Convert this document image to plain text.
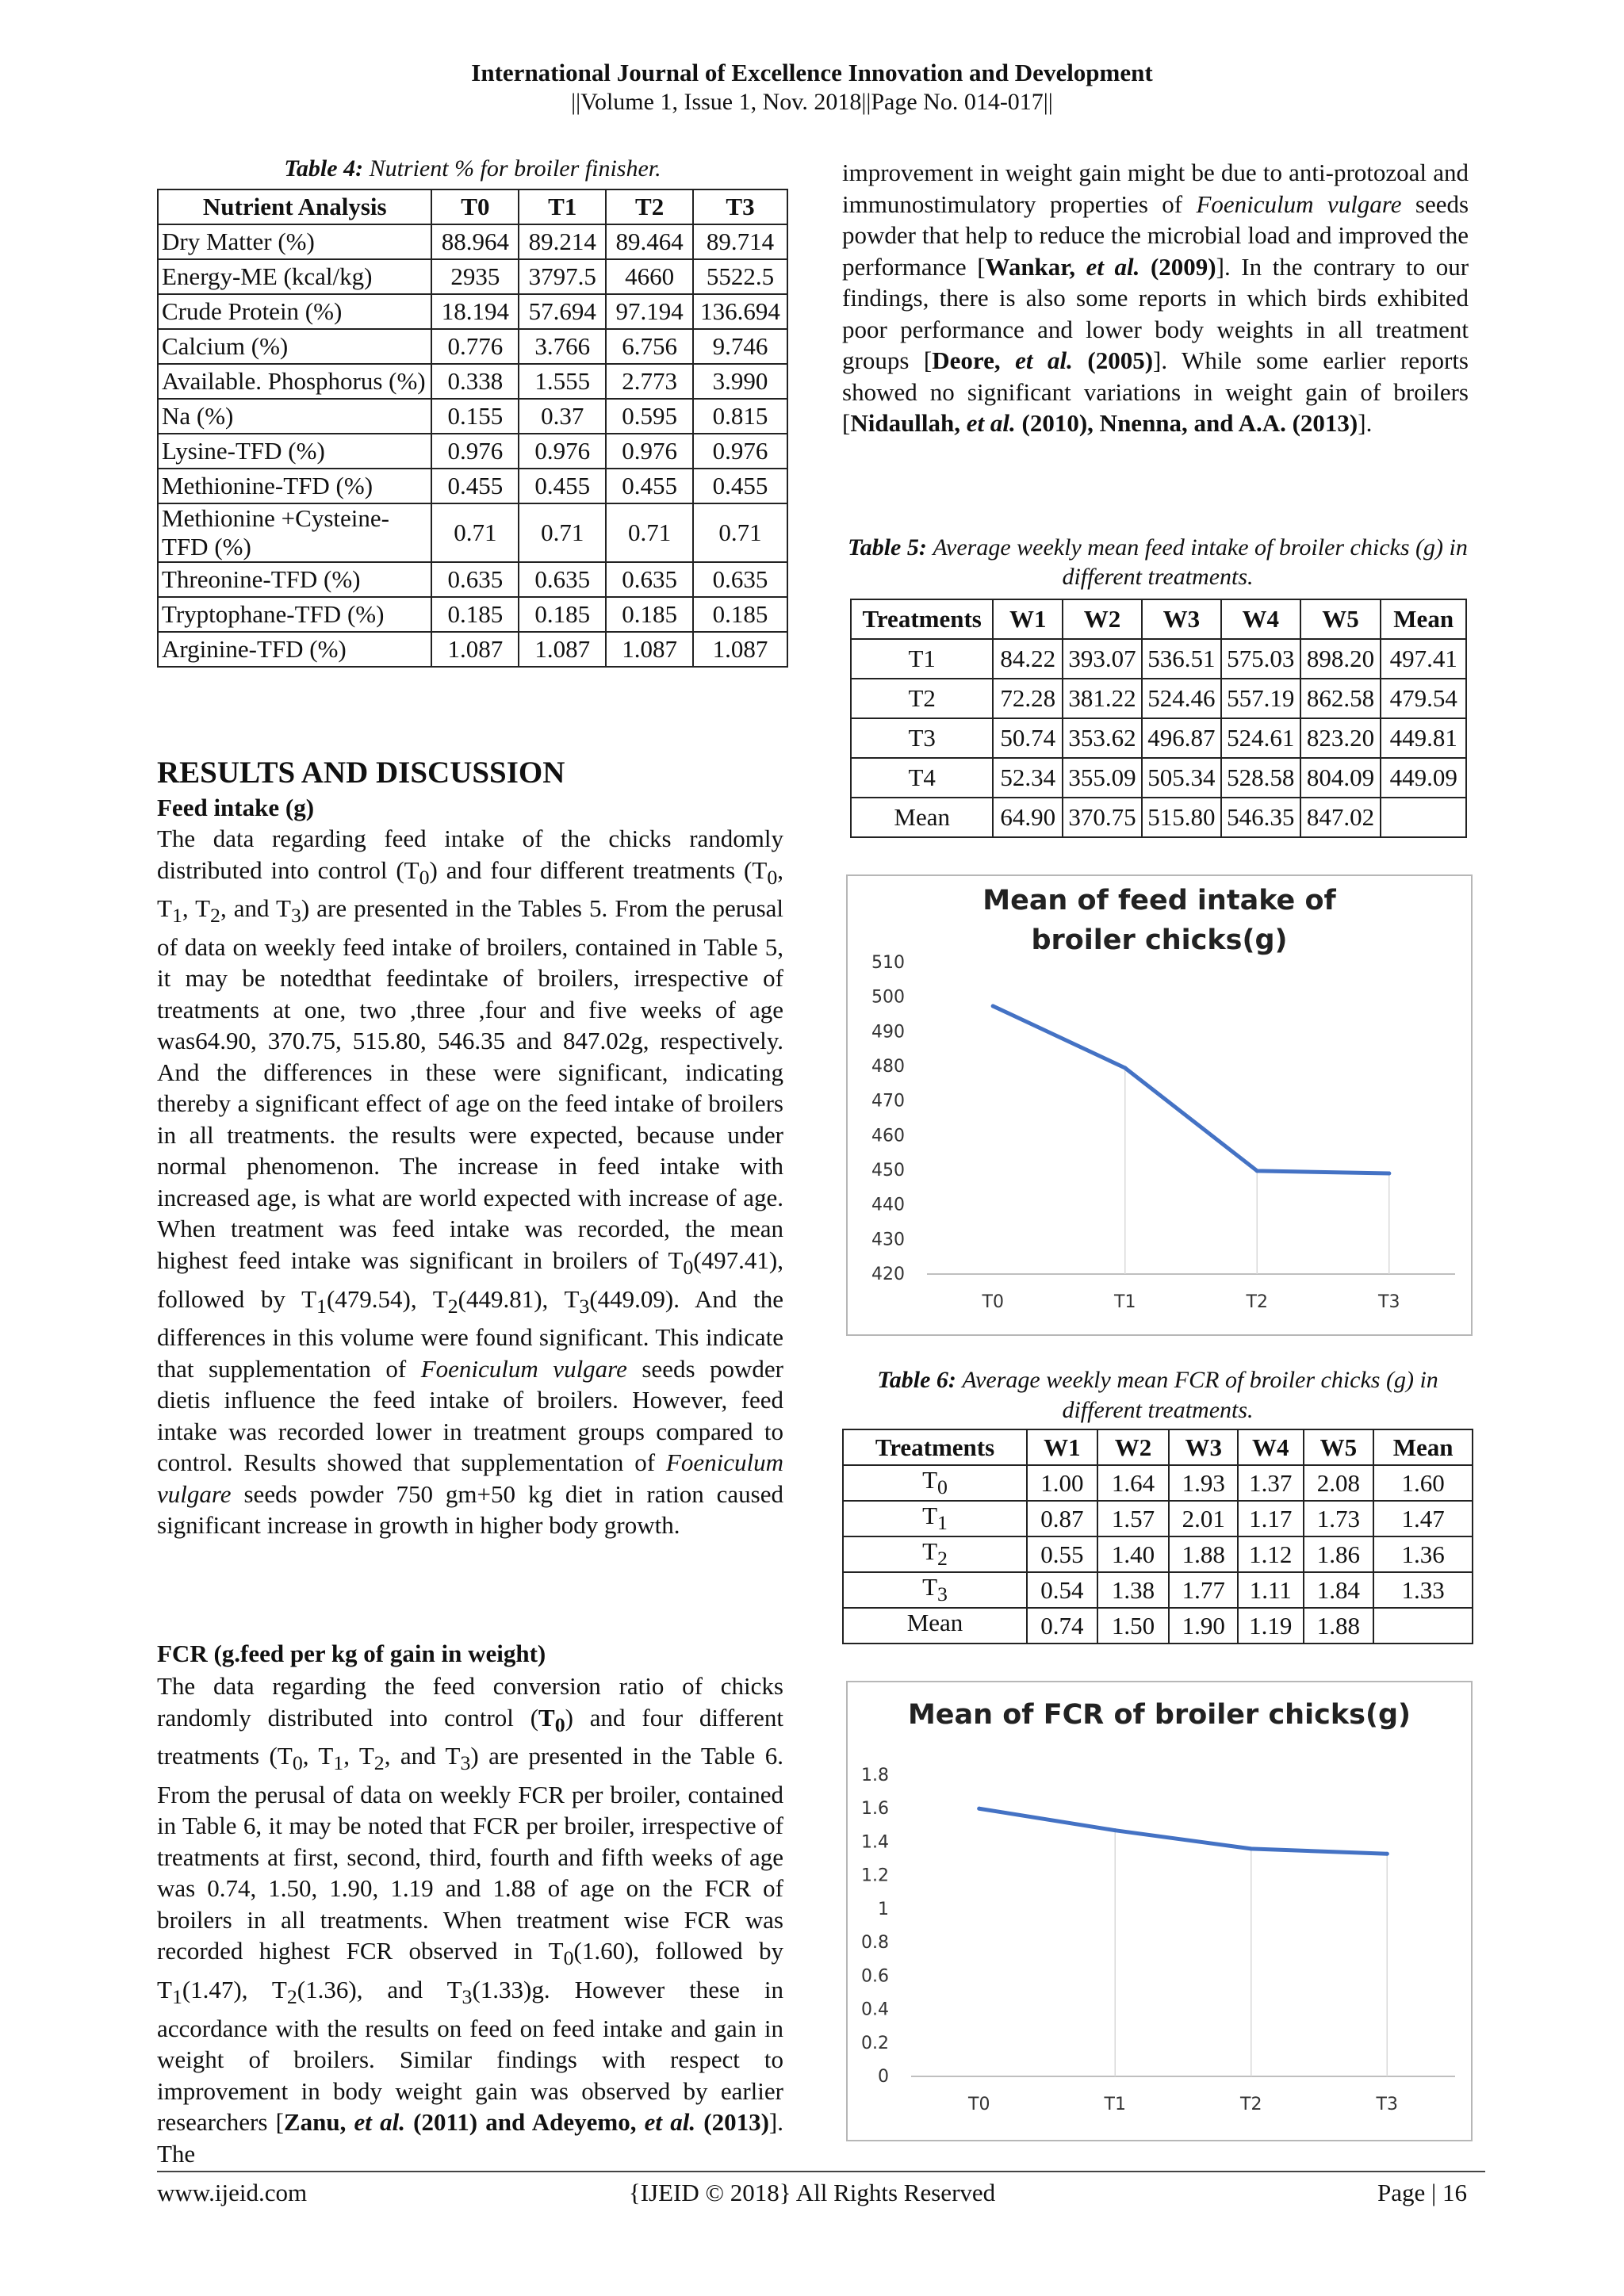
International Journal of Excellence Innovation and Development
||Volume 1, Issue 1, Nov. 2018||Page No. 014-017||
Table 4: Nutrient % for broiler finisher.
Nutrient Analysis	T0	T1	T2	T3
Dry Matter (%)	88.964	89.214	89.464	89.714
Energy-ME (kcal/kg)	2935	3797.5	4660	5522.5
Crude Protein (%)	18.194	57.694	97.194	136.694
Calcium (%)	0.776	3.766	6.756	9.746
Available. Phosphorus (%)	0.338	1.555	2.773	3.990
Na (%)	0.155	0.37	0.595	0.815
Lysine-TFD (%)	0.976	0.976	0.976	0.976
Methionine-TFD (%)	0.455	0.455	0.455	0.455
Methionine +Cysteine-TFD (%)	0.71	0.71	0.71	0.71
Threonine-TFD (%)	0.635	0.635	0.635	0.635
Tryptophane-TFD (%)	0.185	0.185	0.185	0.185
Arginine-TFD (%)	1.087	1.087	1.087	1.087
RESULTS AND DISCUSSION
Feed intake (g)
The data regarding feed intake of the chicks randomly distributed into control $(T_0)$ and four different treatments ($T_0$, $T_1$, $T_2$, and $T_3$) are presented in the Tables 5. From the perusal of data on weekly feed intake of broilers, contained in Table 5, it may be notedthat feedintake of broilers, irrespective of treatments at one, two ,three ,four and five weeks of age was64.90, 370.75, 515.80, 546.35 and 847.02g, respectively. And the differences in these were significant, indicating thereby a significant effect of age on the feed intake of broilers in all treatments. the results were expected, because under normal phenomenon. The increase in feed intake with increased age, is what are world expected with increase of age. When treatment was feed intake was recorded, the mean highest feed intake was significant in broilers of $T_0(497.41)$, followed by $T_1(479.54)$, $T_2(449.81)$, $T_3(449.09)$. And the differences in this volume were found significant. This indicate that supplementation of Foeniculum vulgare seeds powder dietis influence the feed intake of broilers. However, feed intake was recorded lower in treatment groups compared to control. Results showed that supplementation of Foeniculum vulgare seeds powder 750 gm+50 kg diet in ration caused significant increase in growth in higher body growth.
FCR (g.feed per kg of gain in weight)
The data regarding the feed conversion ratio of chicks randomly distributed into control $(T_0)$ and four different treatments ($T_0$, $T_1$, $T_2$, and $T_3$) are presented in the Table 6. From the perusal of data on weekly FCR per broiler, contained in Table 6, it may be noted that FCR per broiler, irrespective of treatments at first, second, third, fourth and fifth weeks of age was 0.74, 1.50, 1.90, 1.19 and 1.88 of age on the FCR of broilers in all treatments. When treatment wise FCR was recorded highest FCR observed in $T_0(1.60)$, followed by $T_1(1.47)$, $T_2(1.36)$, and $T_3(1.33)g$. However these in accordance with the results on feed on feed intake and gain in weight of broilers. Similar findings with respect to improvement in body weight gain was observed by earlier researchers [Zanu, et al. (2011) and Adeyemo, et al. (2013)]. The
improvement in weight gain might be due to anti-protozoal and immunostimulatory properties of Foeniculum vulgare seeds powder that help to reduce the microbial load and improved the performance [Wankar, et al. (2009)]. In the contrary to our findings, there is also some reports in which birds exhibited poor performance and lower body weights in all treatment groups [Deore, et al. (2005)]. While some earlier reports showed no significant variations in weight gain of broilers [Nidaullah, et al. (2010), Nnenna, and A.A. (2013)].
Table 5: Average weekly mean feed intake of broiler chicks (g) in different treatments.
Treatments	W1	W2	W3	W4	W5	Mean
T1	84.22	393.07	536.51	575.03	898.20	497.41
T2	72.28	381.22	524.46	557.19	862.58	479.54
T3	50.74	353.62	496.87	524.61	823.20	449.81
T4	52.34	355.09	505.34	528.58	804.09	449.09
Mean	64.90	370.75	515.80	546.35	847.02	
Mean of feed intake of
broiler chicks(g)
420
430
440
450
460
470
480
490
500
510
T0	T1	T2	T3
Table 6: Average weekly mean FCR of broiler chicks (g) in different treatments.
Treatments	W1	W2	W3	W4	W5	Mean
$T_0$	1.00	1.64	1.93	1.37	2.08	1.60
$T_1$	0.87	1.57	2.01	1.17	1.73	1.47
$T_2$	0.55	1.40	1.88	1.12	1.86	1.36
$T_3$	0.54	1.38	1.77	1.11	1.84	1.33
Mean	0.74	1.50	1.90	1.19	1.88	
Mean of FCR of broiler chicks(g)
0
0.2
0.4
0.6
0.8
1
1.2
1.4
1.6
1.8
T0	T1	T2	T3
www.ijeid.com	{IJEID © 2018} All Rights Reserved	Page | 16
